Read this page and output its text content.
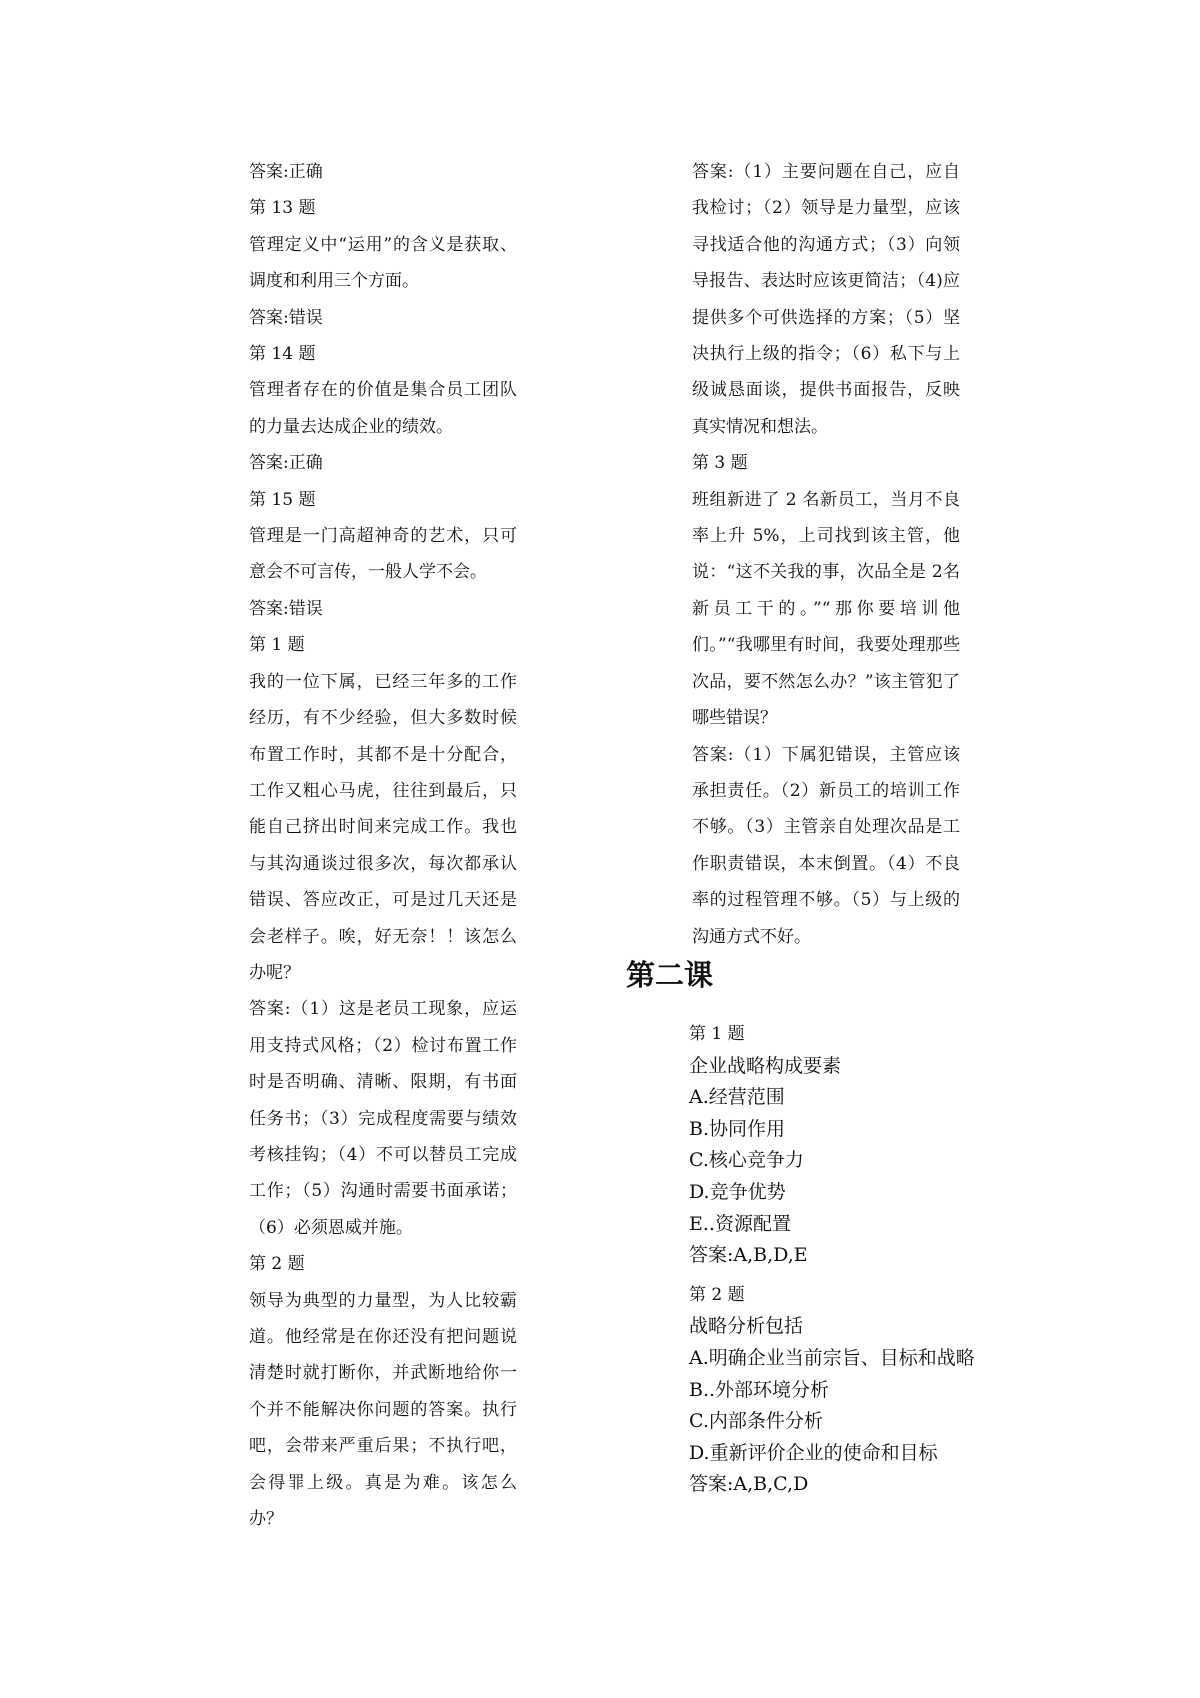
答案:正确

第 13 题

管理定义中“运用”的含义是获取、调度和利用三个方面。

答案:错误

第 14 题

管理者存在的价值是集合员工团队的力量去达成企业的绩效。

答案:正确

第 15 题

管理是一门高超神奇的艺术，只可意会不可言传，一般人学不会。

答案:错误

第 1 题

我的一位下属，已经三年多的工作经历，有不少经验，但大多数时候布置工作时，其都不是十分配合，工作又粗心马虎，往往到最后，只能自己挤出时间来完成工作。我也与其沟通谈过很多次，每次都承认错误、答应改正，可是过几天还是会老样子。唉，好无奈！！该怎么办呢？

答案:（1）这是老员工现象，应运用支持式风格；（2）检讨布置工作时是否明确、清晰、限期，有书面任务书；（3）完成程度需要与绩效考核挂钩；（4）不可以替员工完成工作；（5）沟通时需要书面承诺；（6）必须恩威并施。

第 2 题

领导为典型的力量型，为人比较霸道。他经常是在你还没有把问题说清楚时就打断你，并武断地给你一个并不能解决你问题的答案。执行吧，会带来严重后果；不执行吧，会得罪上级。真是为难。该怎么办？

答案:（1）主要问题在自己，应自我检讨；（2）领导是力量型，应该寻找适合他的沟通方式；（3）向领导报告、表达时应该更简洁；（4)应提供多个可供选择的方案；（5）坚决执行上级的指令；（6）私下与上级诚恳面谈，提供书面报告，反映真实情况和想法。

第 3 题

班组新进了 2 名新员工，当月不良率上升 5%，上司找到该主管，他说：“这不关我的事，次品全是 2名新员工干的。”“那你要培训他们。”“我哪里有时间，我要处理那些次品，要不然怎么办？”该主管犯了哪些错误？

答案:（1）下属犯错误，主管应该承担责任。（2）新员工的培训工作不够。（3）主管亲自处理次品是工作职责错误，本末倒置。（4）不良率的过程管理不够。（5）与上级的沟通方式不好。

第二课

第 1 题

企业战略构成要素

A.经营范围

B.协同作用

C.核心竞争力

D.竞争优势

E..资源配置

答案:A,B,D,E

第 2 题

战略分析包括

A.明确企业当前宗旨、目标和战略

B..外部环境分析

C.内部条件分析

D.重新评价企业的使命和目标

答案:A,B,C,D
